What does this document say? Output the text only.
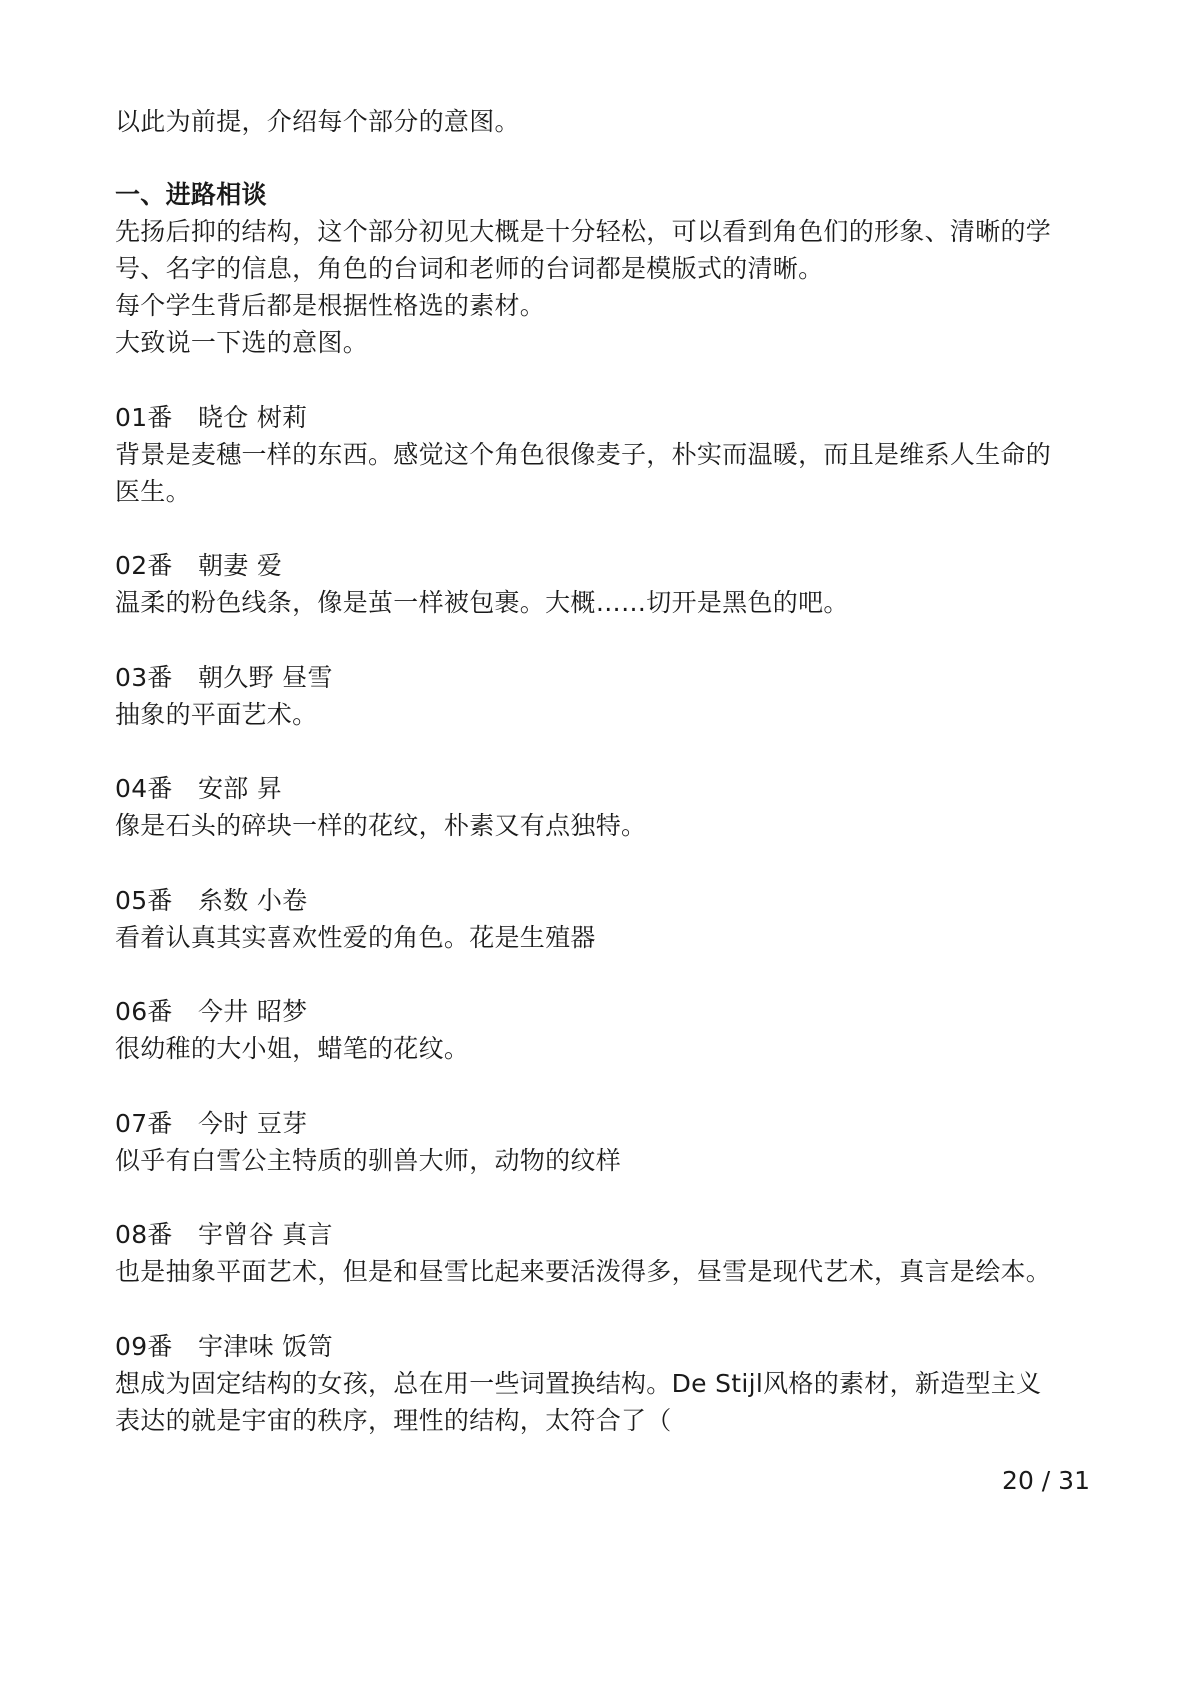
以此为前提，介绍每个部分的意图。
一、进路相谈
先扬后抑的结构，这个部分初见大概是十分轻松，可以看到角色们的形象、清晰的学
号、名字的信息，角色的台词和老师的台词都是模版式的清晰。
每个学生背后都是根据性格选的素材。
大致说一下选的意图。
01番　晓仓 树莉
背景是麦穗一样的东西。感觉这个角色很像麦子，朴实而温暖，而且是维系人生命的
医生。
02番　朝妻 爱
温柔的粉色线条，像是茧一样被包裹。大概……切开是黑色的吧。
03番　朝久野 昼雪
抽象的平面艺术。
04番　安部 昇
像是石头的碎块一样的花纹，朴素又有点独特。
05番　糸数 小卷
看着认真其实喜欢性爱的角色。花是生殖器
06番　今井 昭梦
很幼稚的大小姐，蜡笔的花纹。
07番　今时 豆芽
似乎有白雪公主特质的驯兽大师，动物的纹样
08番　宇曾谷 真言
也是抽象平面艺术，但是和昼雪比起来要活泼得多，昼雪是现代艺术，真言是绘本。
09番　宇津味 饭笥
想成为固定结构的女孩，总在用一些词置换结构。De Stijl风格的素材，新造型主义
表达的就是宇宙的秩序，理性的结构，太符合了（
20 / 31
